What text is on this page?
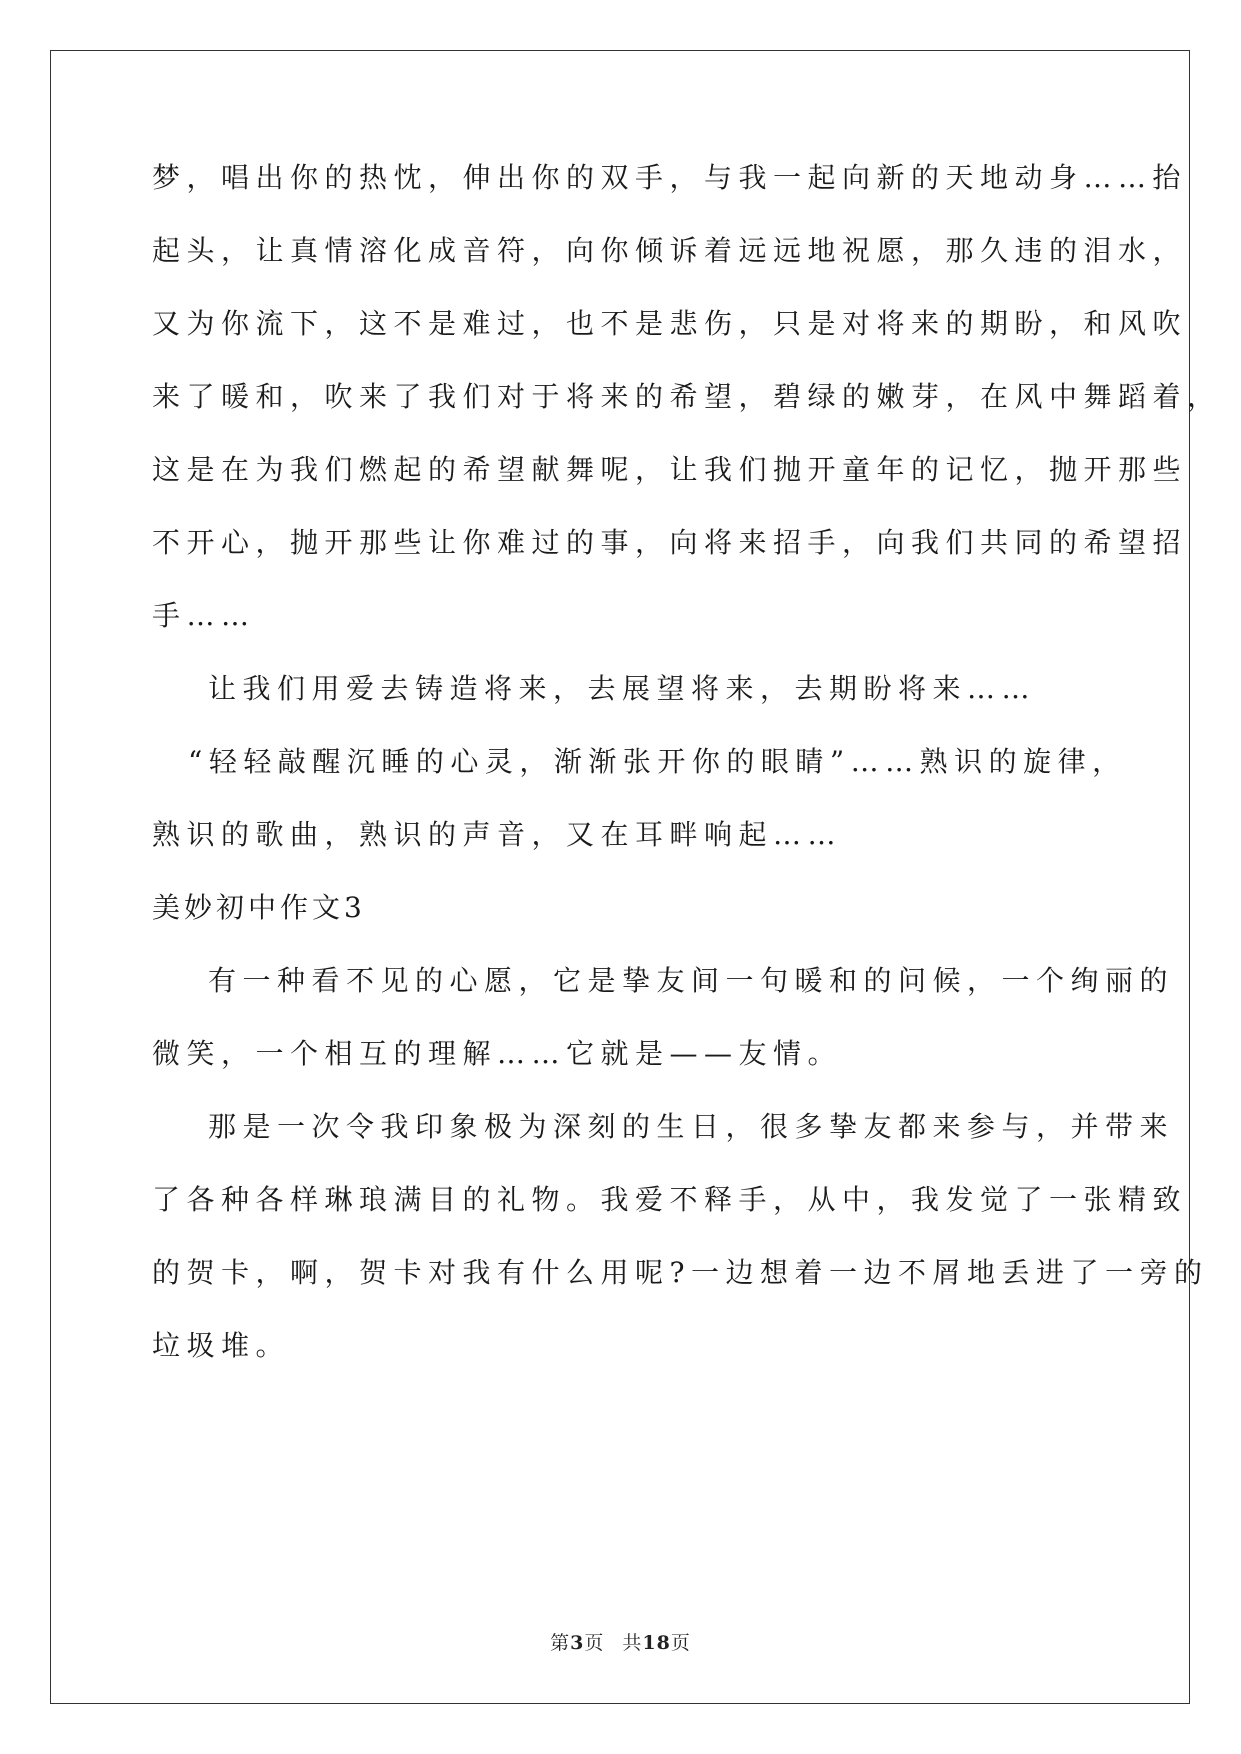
梦，唱出你的热忱，伸出你的双手，与我一起向新的天地动身……抬
起头，让真情溶化成音符，向你倾诉着远远地祝愿，那久违的泪水，
又为你流下，这不是难过，也不是悲伤，只是对将来的期盼，和风吹
来了暖和，吹来了我们对于将来的希望，碧绿的嫩芽，在风中舞蹈着，
这是在为我们燃起的希望献舞呢，让我们抛开童年的记忆，抛开那些
不开心，抛开那些让你难过的事，向将来招手，向我们共同的希望招
手……
让我们用爱去铸造将来，去展望将来，去期盼将来……
“轻轻敲醒沉睡的心灵，渐渐张开你的眼睛”……熟识的旋律，
熟识的歌曲，熟识的声音，又在耳畔响起……
美妙初中作文3
有一种看不见的心愿，它是挚友间一句暖和的问候，一个绚丽的
微笑，一个相互的理解……它就是——友情。
那是一次令我印象极为深刻的生日，很多挚友都来参与，并带来
了各种各样琳琅满目的礼物。我爱不释手，从中，我发觉了一张精致
的贺卡，啊，贺卡对我有什么用呢?一边想着一边不屑地丢进了一旁的
垃圾堆。
第3页 共18页
